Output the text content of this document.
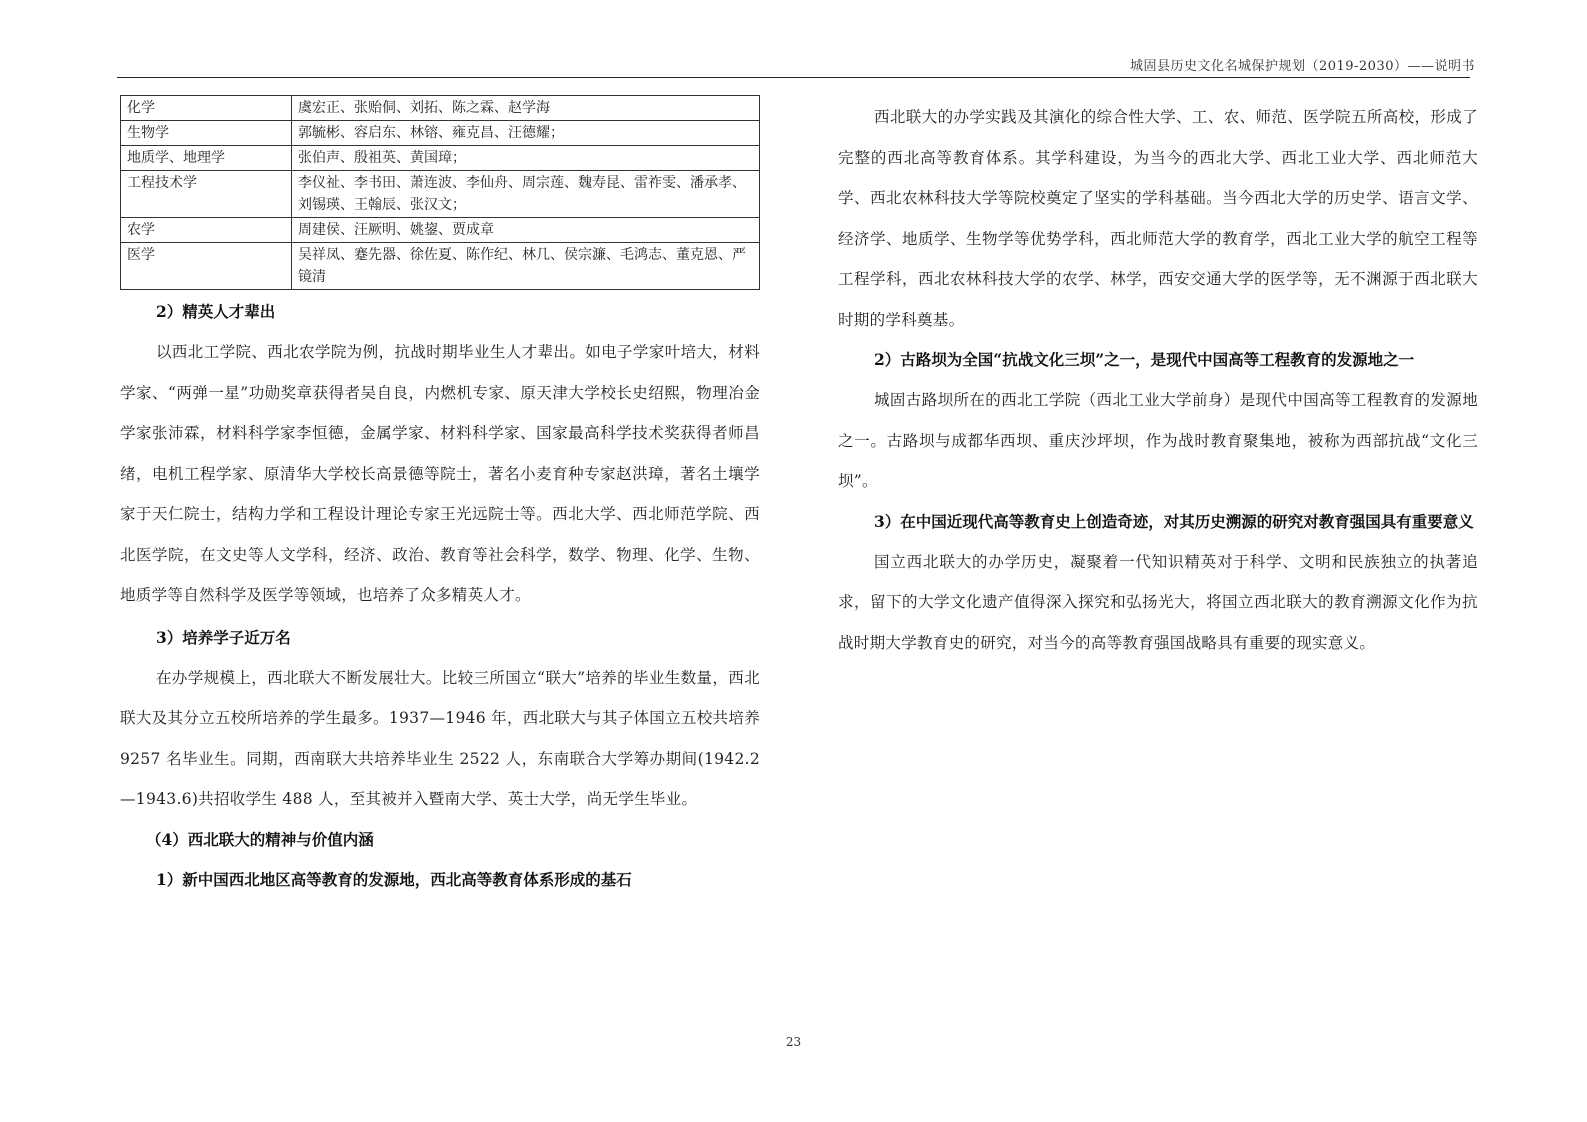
城固县历史文化名城保护规划（2019-2030）——说明书
化学	虞宏正、张贻侗、刘拓、陈之霖、赵学海
生物学	郭毓彬、容启东、林镕、雍克昌、汪德耀；
地质学、地理学	张伯声、殷祖英、黄国璋；
工程技术学	李仪祉、李书田、萧连波、李仙舟、周宗莲、魏寿昆、雷祚雯、潘承孝、刘锡瑛、王翰辰、张汉文；
农学	周建侯、汪厥明、姚鋆、贾成章
医学	吴祥凤、蹇先器、徐佐夏、陈作纪、林几、侯宗濂、毛鸿志、董克恩、严镜清

2）精英人才辈出

以西北工学院、西北农学院为例，抗战时期毕业生人才辈出。如电子学家叶培大，材料学家、“两弹一星”功勋奖章获得者吴自良，内燃机专家、原天津大学校长史绍熙，物理冶金学家张沛霖，材料科学家李恒德，金属学家、材料科学家、国家最高科学技术奖获得者师昌绪，电机工程学家、原清华大学校长高景德等院士，著名小麦育种专家赵洪璋，著名土壤学家于天仁院士，结构力学和工程设计理论专家王光远院士等。西北大学、西北师范学院、西北医学院，在文史等人文学科，经济、政治、教育等社会科学，数学、物理、化学、生物、地质学等自然科学及医学等领域，也培养了众多精英人才。

3）培养学子近万名

在办学规模上，西北联大不断发展壮大。比较三所国立“联大”培养的毕业生数量，西北联大及其分立五校所培养的学生最多。1937—1946 年，西北联大与其子体国立五校共培养 9257 名毕业生。同期，西南联大共培养毕业生 2522 人，东南联合大学筹办期间(1942.2—1943.6)共招收学生 488 人，至其被并入暨南大学、英士大学，尚无学生毕业。

（4）西北联大的精神与价值内涵

1）新中国西北地区高等教育的发源地，西北高等教育体系形成的基石

西北联大的办学实践及其演化的综合性大学、工、农、师范、医学院五所高校，形成了完整的西北高等教育体系。其学科建设，为当今的西北大学、西北工业大学、西北师范大学、西北农林科技大学等院校奠定了坚实的学科基础。当今西北大学的历史学、语言文学、经济学、地质学、生物学等优势学科，西北师范大学的教育学，西北工业大学的航空工程等工程学科，西北农林科技大学的农学、林学，西安交通大学的医学等，无不渊源于西北联大时期的学科奠基。

2）古路坝为全国“抗战文化三坝”之一，是现代中国高等工程教育的发源地之一

城固古路坝所在的西北工学院（西北工业大学前身）是现代中国高等工程教育的发源地之一。古路坝与成都华西坝、重庆沙坪坝，作为战时教育聚集地，被称为西部抗战“文化三坝”。

3）在中国近现代高等教育史上创造奇迹，对其历史溯源的研究对教育强国具有重要意义

国立西北联大的办学历史，凝聚着一代知识精英对于科学、文明和民族独立的执著追求，留下的大学文化遗产值得深入探究和弘扬光大，将国立西北联大的教育溯源文化作为抗战时期大学教育史的研究，对当今的高等教育强国战略具有重要的现实意义。

23
